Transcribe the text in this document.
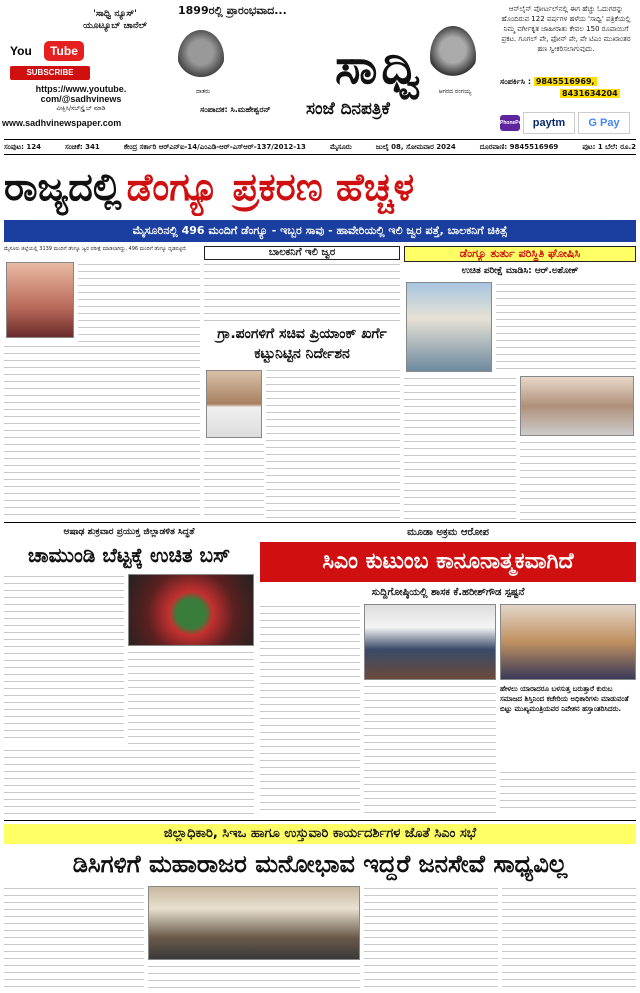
'ಸಾಧ್ವಿ ನ್ಯೂಸ್' ಯೂಟ್ಯೂಬ್ ಚಾನೆಲ್
You	Tube
SUBSCRIBE
https://www.youtube.
com/@sadhvinews
ವೀಕ್ಷಿಸಿ/ಸಬ್‌ಸ್ಕ್ರೈಬ್ ಮಾಡಿ
www.sadhvinewspaper.com
1899ರಲ್ಲಿ ಪ್ರಾರಂಭವಾದ...
ದಾತರು	ಆಗರದ ರಂಗಯ್ಯ
ಸಾಧ್ವಿ
ಸಂಪಾದಕ: ಸಿ.ಮಹೇಶ್ವರನ್	ಸಂಜೆ ದಿನಪತ್ರಿಕೆ
ಆನ್‌ಲೈನ್ ಪೋರ್ಟಲ್‌ನಲ್ಲಿ ಈಗ ಹೆಚ್ಚು ಓದುಗರನ್ನು ಹೊಂದಿರುವ 122 ವರ್ಷಗಳ ಹಳೆಯ 'ಸಾಧ್ವಿ' ಪತ್ರಿಕೆಯಲ್ಲಿ ನಿಮ್ಮ ವರ್ಗೀಕೃತ ಜಾಹೀರಾತು ಕೇವಲ 150 ರೂಪಾಯಿಗೆ ಪ್ರಕಟ. ಗೂಗಲ್ ಪೇ, ಫೋನ್ ಪೇ, ಪೇ ಟಿಎಂ ಮುಖಾಂತರ ಹಣ ಸ್ವೀಕರಿಸಲಾಗುವುದು.
ಸಂಪರ್ಕಿಸಿ : 9845516969,
8431634204
PhonePe	paytm	G Pay
ಸಂಪುಟ: 124	ಸಂಚಿಕೆ: 341	ಕೇಂದ್ರ ಸರ್ಕಾರಿ ಆರ್‌ಎನ್‌ಐ-14/ಎಂಎಡಿ-ಆರ್-ಎಸ್‌ಆರ್-137/2012-13	ಮೈಸೂರು	ಜುಲೈ 08, ಸೋಮವಾರ 2024	ದೂರವಾಣಿ: 9845516969	ಪುಟ: 1 ಬೆಲೆ: ರೂ.2
ರಾಜ್ಯದಲ್ಲಿ ಡೆಂಗ್ಯೂ ಪ್ರಕರಣ ಹೆಚ್ಚಳ
ಮೈಸೂರಿನಲ್ಲಿ 496 ಮಂದಿಗೆ ಡೆಂಗ್ಯೂ - ಇಬ್ಬರ ಸಾವು - ಹಾವೇರಿಯಲ್ಲಿ ಇಲಿ ಜ್ವರ ಪತ್ತೆ, ಬಾಲಕನಿಗೆ ಚಿಕಿತ್ಸೆ
ಮೈಸೂರು ಜಿಲ್ಲೆಯಲ್ಲಿ 3139 ಮಂದಿಗೆ ಡೆಂಗ್ಯೂ ಜ್ವರ ಪರೀಕ್ಷೆ ಮಾಡಲಾಗಿದ್ದು, 496 ಮಂದಿಗೆ ಡೆಂಗ್ಯೂ ದೃಢಪಟ್ಟಿದೆ.	ಬಾಲಕನಿಗೆ ಇಲಿ ಜ್ವರ
ಗ್ರಾ.ಪಂಗಳಿಗೆ ಸಚಿವ ಪ್ರಿಯಾಂಕ್ ಖರ್ಗೆ ಕಟ್ಟುನಿಟ್ಟಿನ ನಿರ್ದೇಶನ
ಡೆಂಗ್ಯೂ ತುರ್ತು ಪರಿಸ್ಥಿತಿ ಘೋಷಿಸಿ
ಉಚಿತ ಪರೀಕ್ಷೆ ಮಾಡಿಸಿ: ಆರ್.ಅಶೋಕ್
ಆಷಾಢ ಶುಕ್ರವಾರ ಪ್ರಯುಕ್ತ ಜಿಲ್ಲಾಡಳಿತ ಸಿದ್ಧತೆ
ಚಾಮುಂಡಿ ಬೆಟ್ಟಕ್ಕೆ ಉಚಿತ ಬಸ್
ಮೂಡಾ ಅಕ್ರಮ ಆರೋಪ
ಸಿಎಂ ಕುಟುಂಬ ಕಾನೂನಾತ್ಮಕವಾಗಿದೆ
ಸುದ್ದಿಗೋಷ್ಠಿಯಲ್ಲಿ ಶಾಸಕ ಕೆ.ಹರೀಶ್‌ಗೌಡ ಸ್ಪಷ್ಟನೆ
ಹೇಳಲು ಯಾರಾದರೂ ಬಳಸುತ್ತ ಬರುತ್ತಾರೆ ಕುರುಬ ಸಮಾಜದ ಶಿಸ್ತಿನಿಂದ ಕಚೇರಿಯ ಅಧಿಕಾರಿಗಳು ಮಾಡುವಂತೆ ಬಿಟ್ಟು ಮುಖ್ಯಮಂತ್ರಿಯವರ ನಿವೇಶನ ಹಸ್ತಾಂತರಿಸಿದರು.
ಜಿಲ್ಲಾಧಿಕಾರಿ, ಸಿಇಒ ಹಾಗೂ ಉಸ್ತುವಾರಿ ಕಾರ್ಯದರ್ಶಿಗಳ ಜೊತೆ ಸಿಎಂ ಸಭೆ
ಡಿಸಿಗಳಿಗೆ ಮಹಾರಾಜರ ಮನೋಭಾವ ಇದ್ದರೆ ಜನಸೇವೆ ಸಾಧ್ಯವಿಲ್ಲ
